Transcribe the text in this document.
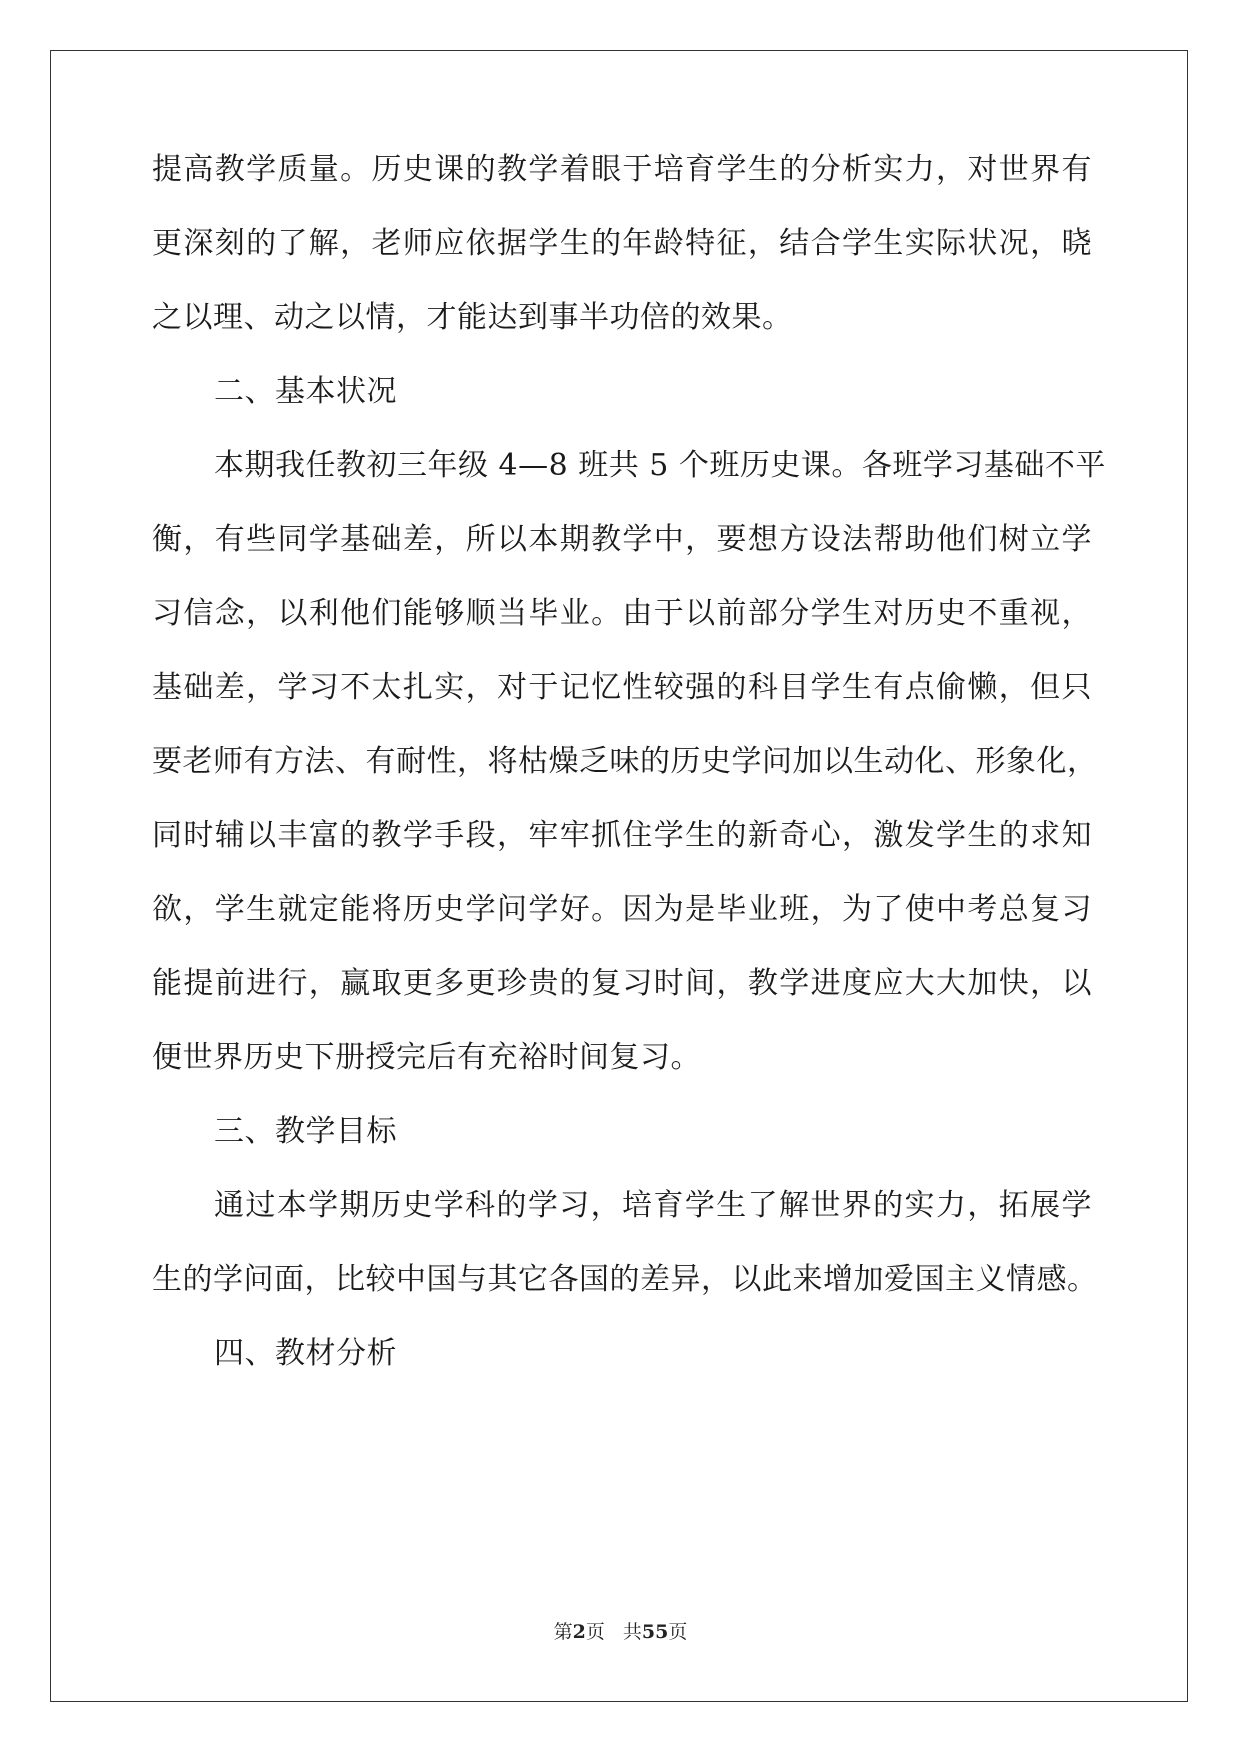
提高教学质量。历史课的教学着眼于培育学生的分析实力，对世界有
更深刻的了解，老师应依据学生的年龄特征，结合学生实际状况，晓
之以理、动之以情，才能达到事半功倍的效果。
二、基本状况
本期我任教初三年级 4—8 班共 5 个班历史课。各班学习基础不平
衡，有些同学基础差，所以本期教学中，要想方设法帮助他们树立学
习信念，以利他们能够顺当毕业。由于以前部分学生对历史不重视，
基础差，学习不太扎实，对于记忆性较强的科目学生有点偷懒，但只
要老师有方法、有耐性，将枯燥乏味的历史学问加以生动化、形象化，
同时辅以丰富的教学手段，牢牢抓住学生的新奇心，激发学生的求知
欲，学生就定能将历史学问学好。因为是毕业班，为了使中考总复习
能提前进行，赢取更多更珍贵的复习时间，教学进度应大大加快，以
便世界历史下册授完后有充裕时间复习。
三、教学目标
通过本学期历史学科的学习，培育学生了解世界的实力，拓展学
生的学问面，比较中国与其它各国的差异，以此来增加爱国主义情感。
四、教材分析
第2页 共55页
